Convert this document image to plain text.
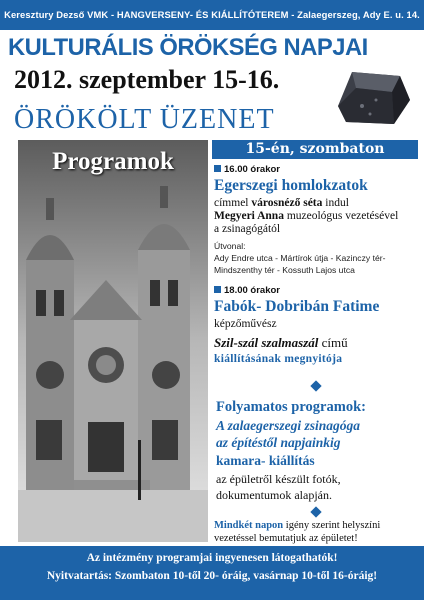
Keresztury Dezső VMK - HANGVERSENY- ÉS KIÁLLÍTÓTEREM - Zalaegerszeg, Ady E. u. 14.
KULTURÁLIS ÖRÖKSÉG NAPJAI
2012. szeptember 15-16.
ÖRÖKÖLT ÜZENET
Programok	15-én, szombaton
16.00 órakor
Egerszegi homlokzatok
címmel városnéző séta indul
Megyeri Anna muzeológus vezetésével
a zsinagógától
Útvonal:
Ady Endre utca - Mártírok útja - Kazinczy tér-
Mindszenthy tér - Kossuth Lajos utca
18.00 órakor
Fabók- Dobribán Fatime
képzőművész
Szil-szál szalmaszál című
kiállításának megnyitója
Folyamatos programok:
A zalaegerszegi zsinagóga
az építéstől napjainkig
kamara- kiállítás
az épületről készült fotók,
dokumentumok alapján.
Mindkét napon igény szerint helyszíni
vezetéssel bemutatjuk az épületet!
Az intézmény programjai ingyenesen látogathatók!
Nyitvatartás: Szombaton 10-től 20- óráig, vasárnap 10-től 16-óráig!
